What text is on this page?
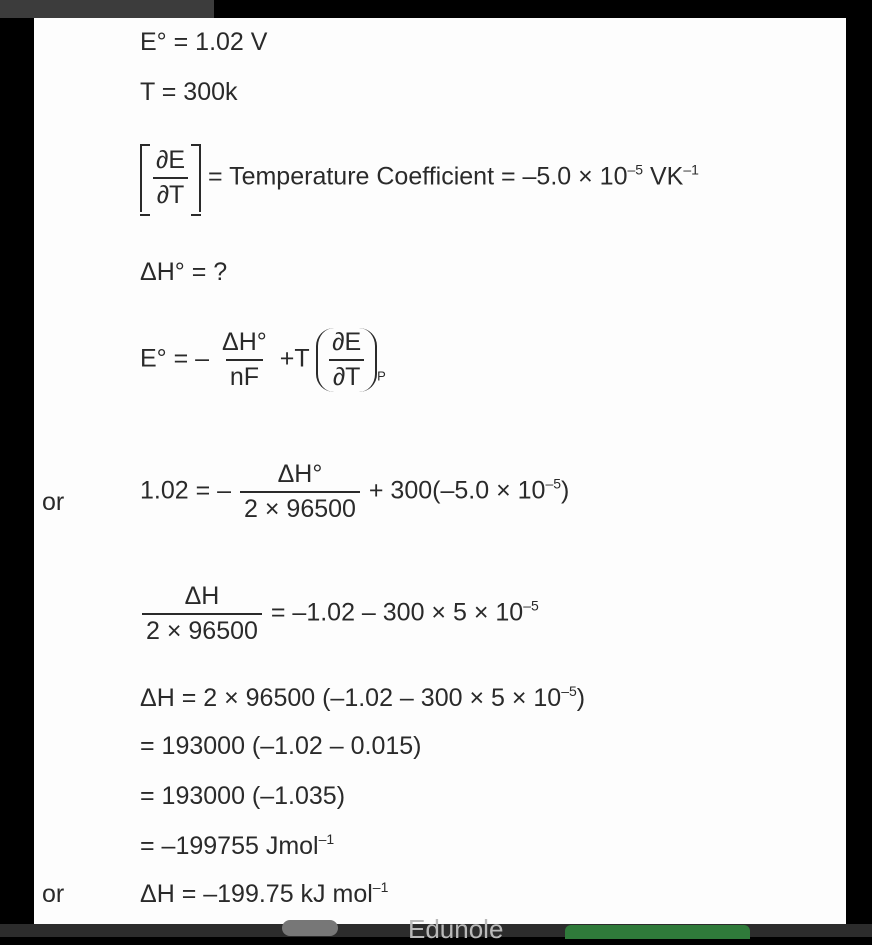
E° = 1.02 V
T = 300k
$\frac{\partial E}{\partial T}$ = Temperature Coefficient = $-5.0 \times 10^{-5}$ $VK^{-1}$
ΔH° = ?
E° = – $\frac{\Delta H^\circ}{nF} +T \frac{\partial E}{\partial T} _P$
or	1.02 = – $\frac{\Delta H^\circ}{2 \times 96500} + 300(-5.0 \times 10^{-5})$
$\frac{\Delta H}{2 \times 96500} = -1.02 - 300 \times 5 \times 10^{-5}$
ΔH = 2 × 96500 $(-1.02 - 300 \times 5 \times 10^{-5})$
= 193000 (–1.02 – 0.015)
= 193000 (–1.035)
= –199755 Jmol$^{-1}$
or	ΔH = –199.75 kJ mol$^{-1}$
Edunole
